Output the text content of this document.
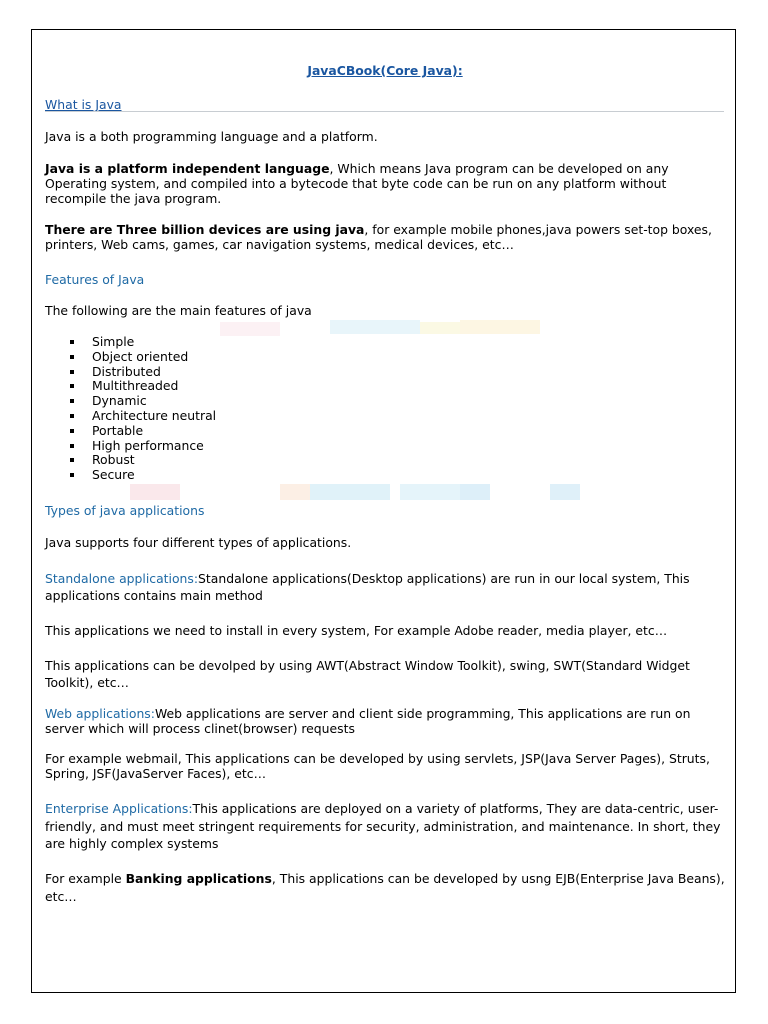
JavaCBook(Core Java):
What is Java
Java is a both programming language and a platform.
Java is a platform independent language, Which means Java program can be developed on any Operating system, and compiled into a bytecode that byte code can be run on any platform without recompile the java program.
There are Three billion devices are using java, for example mobile phones,java powers set-top boxes, printers, Web cams, games, car navigation systems, medical devices, etc…
Features of Java
The following are the main features of java
Simple
Object oriented
Distributed
Multithreaded
Dynamic
Architecture neutral
Portable
High performance
Robust
Secure
Types of java applications
Java supports four different types of applications.
Standalone applications:Standalone applications(Desktop applications) are run in our local system, This applications contains main method
This applications we need to install in every system, For example Adobe reader, media player, etc…
This applications can be devolped by using AWT(Abstract Window Toolkit), swing, SWT(Standard Widget Toolkit), etc…
Web applications:Web applications are server and client side programming, This applications are run on server which will process clinet(browser) requests
For example webmail, This applications can be developed by using servlets, JSP(Java Server Pages), Struts, Spring, JSF(JavaServer Faces), etc…
Enterprise Applications:This applications are deployed on a variety of platforms, They are data-centric, user-friendly, and must meet stringent requirements for security, administration, and maintenance. In short, they are highly complex systems
For example Banking applications, This applications can be developed by usng EJB(Enterprise Java Beans), etc…
